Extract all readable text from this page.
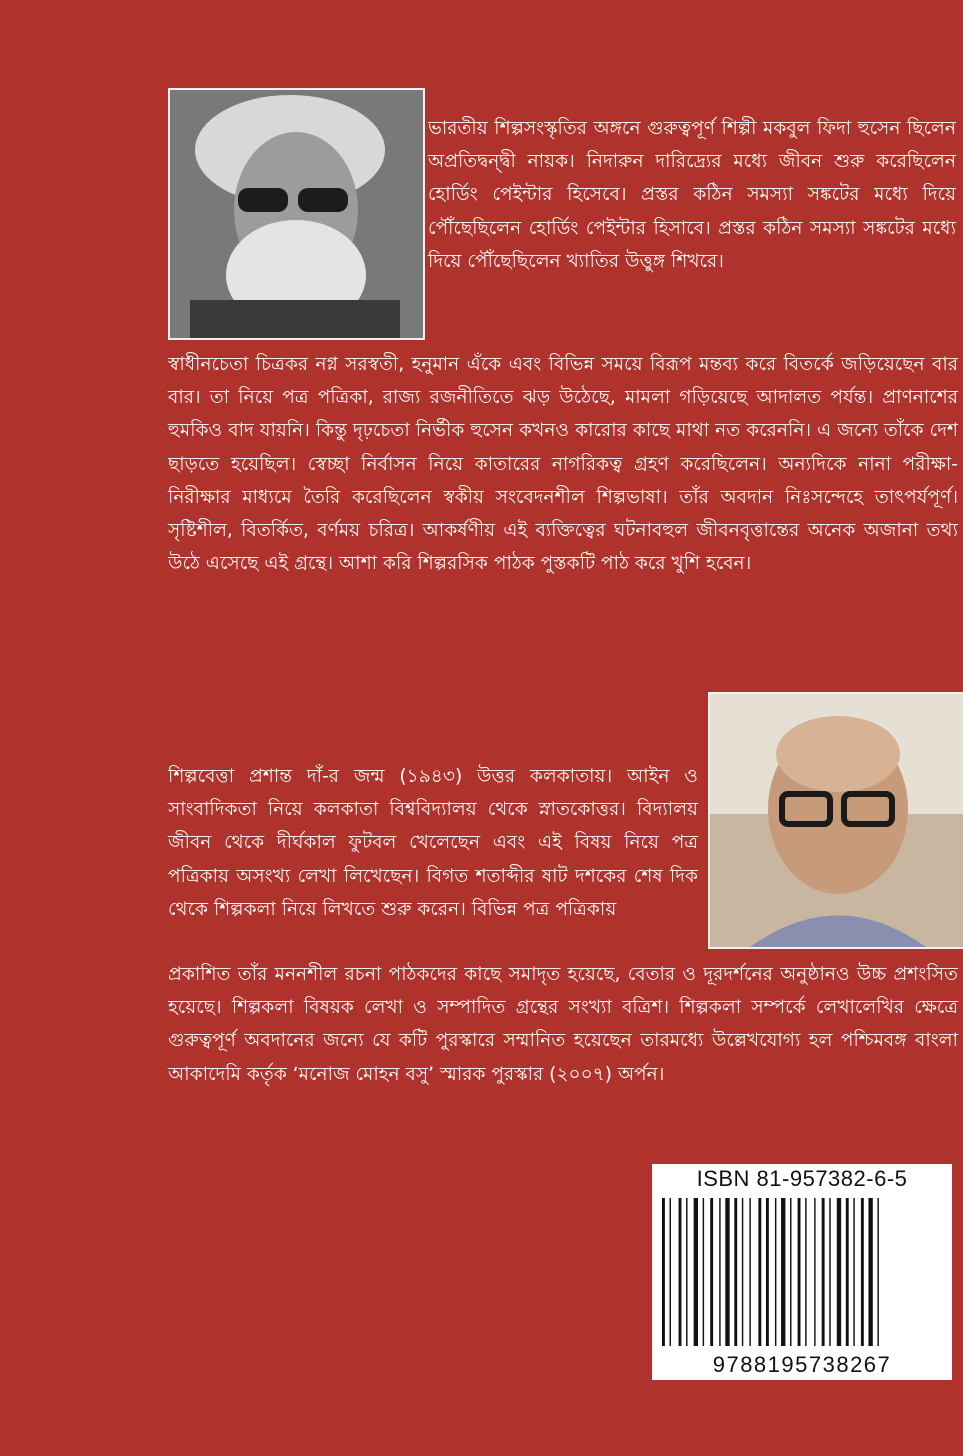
ভারতীয় শিল্পসংস্কৃতির অঙ্গনে গুরুত্বপূর্ণ শিল্পী মকবুল ফিদা হুসেন ছিলেন অপ্রতিদ্বন্দ্বী নায়ক। নিদারুন দারিদ্র্যের মধ্যে জীবন শুরু করেছিলেন হোর্ডিং পেইন্টার হিসেবে। প্রস্তর কঠিন সমস্যা সঙ্কটের মধ্যে দিয়ে পৌঁছেছিলেন হোর্ডিং পেইন্টার হিসাবে। প্রস্তর কঠিন সমস্যা সঙ্কটের মধ্যে দিয়ে পৌঁছেছিলেন খ্যাতির উত্তুঙ্গ শিখরে।

স্বাধীনচেতা চিত্রকর নগ্ন সরস্বতী, হনুমান এঁকে এবং বিভিন্ন সময়ে বিরূপ মন্তব্য করে বিতর্কে জড়িয়েছেন বার বার। তা নিয়ে পত্র পত্রিকা, রাজ্য রজনীতিতে ঝড় উঠেছে, মামলা গড়িয়েছে আদালত পর্যন্ত। প্রাণনাশের হুমকিও বাদ যায়নি। কিন্তু দৃঢ়চেতা নির্ভীক হুসেন কখনও কারোর কাছে মাথা নত করেননি। এ জন্যে তাঁকে দেশ ছাড়তে হয়েছিল। স্বেচ্ছা নির্বাসন নিয়ে কাতারের নাগরিকত্ব গ্রহণ করেছিলেন। অন্যদিকে নানা পরীক্ষা-নিরীক্ষার মাধ্যমে তৈরি করেছিলেন স্বকীয় সংবেদনশীল শিল্পভাষা। তাঁর অবদান নিঃসন্দেহে তাৎপর্যপূর্ণ। সৃষ্টিশীল, বিতর্কিত, বর্ণময় চরিত্র। আকর্ষণীয় এই ব্যক্তিত্বের ঘটনাবহুল জীবনবৃত্তান্তের অনেক অজানা তথ্য উঠে এসেছে এই গ্রন্থে। আশা করি শিল্পরসিক পাঠক পুস্তকটি পাঠ করে খুশি হবেন।

শিল্পবেত্তা প্রশান্ত দাঁ-র জন্ম (১৯৪৩) উত্তর কলকাতায়। আইন ও সাংবাদিকতা নিয়ে কলকাতা বিশ্ববিদ্যালয় থেকে স্নাতকোত্তর। বিদ্যালয় জীবন থেকে দীর্ঘকাল ফুটবল খেলেছেন এবং এই বিষয় নিয়ে পত্র পত্রিকায় অসংখ্য লেখা লিখেছেন। বিগত শতাব্দীর ষাট দশকের শেষ দিক থেকে শিল্পকলা নিয়ে লিখতে শুরু করেন। বিভিন্ন পত্র পত্রিকায়

প্রকাশিত তাঁর মননশীল রচনা পাঠকদের কাছে সমাদৃত হয়েছে, বেতার ও দূরদর্শনের অনুষ্ঠানও উচ্চ প্রশংসিত হয়েছে। শিল্পকলা বিষয়ক লেখা ও সম্পাদিত গ্রন্থের সংখ্যা বত্রিশ। শিল্পকলা সম্পর্কে লেখালেখির ক্ষেত্রে গুরুত্বপূর্ণ অবদানের জন্যে যে কটি পুরস্কারে সম্মানিত হয়েছেন তারমধ্যে উল্লেখযোগ্য হল পশ্চিমবঙ্গ বাংলা আকাদেমি কর্তৃক ‘মনোজ মোহন বসু’ স্মারক পুরস্কার (২০০৭) অর্পন।

ISBN 81-957382-6-5
9788195738267
